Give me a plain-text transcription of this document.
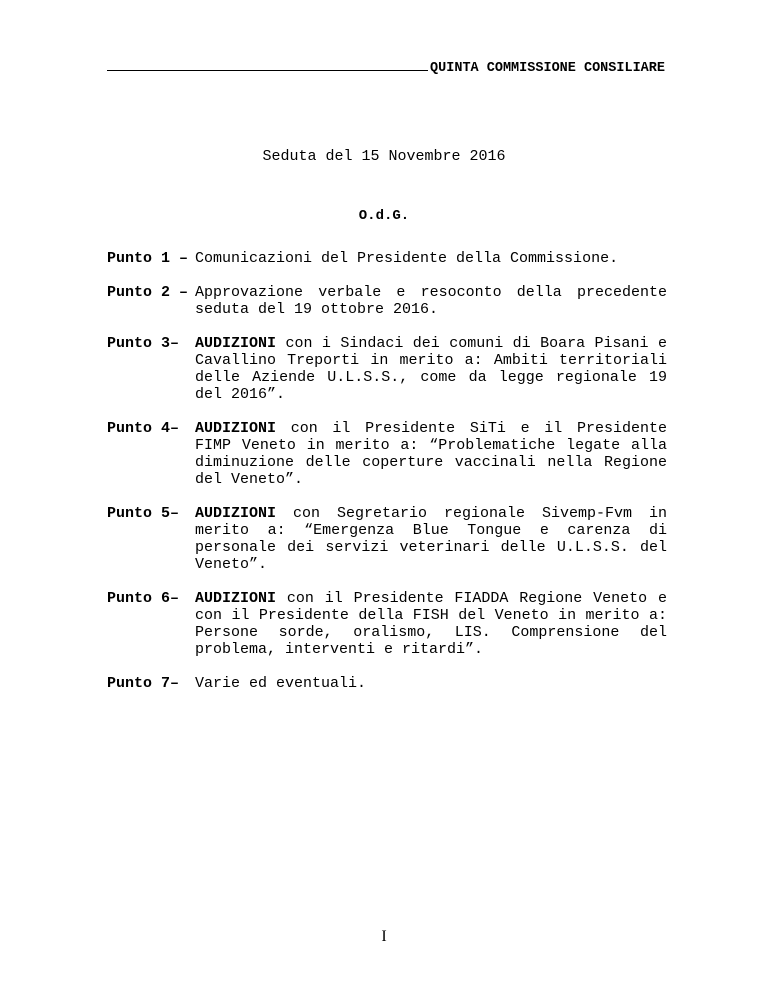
QUINTA COMMISSIONE CONSILIARE
Seduta del 15 Novembre 2016
O.d.G.
Punto 1 – Comunicazioni del Presidente della Commissione.
Punto 2 – Approvazione verbale e resoconto della precedente seduta del 19 ottobre 2016.
Punto 3–	AUDIZIONI con i Sindaci dei comuni di Boara Pisani e Cavallino Treporti in merito a: Ambiti territoriali delle Aziende U.L.S.S., come da legge regionale 19 del 2016”.
Punto 4–	AUDIZIONI con il Presidente SiTi e il Presidente FIMP Veneto in merito a: “Problematiche legate alla diminuzione delle coperture vaccinali nella Regione del Veneto”.
Punto 5–	AUDIZIONI con Segretario regionale Sivemp-Fvm in merito a: “Emergenza Blue Tongue e carenza di personale dei servizi veterinari delle U.L.S.S. del Veneto”.
Punto 6–	AUDIZIONI con il Presidente FIADDA Regione Veneto e con il Presidente della FISH del Veneto in merito a: Persone sorde, oralismo, LIS. Comprensione del problema, interventi e ritardi”.
Punto 7–	Varie ed eventuali.
I
